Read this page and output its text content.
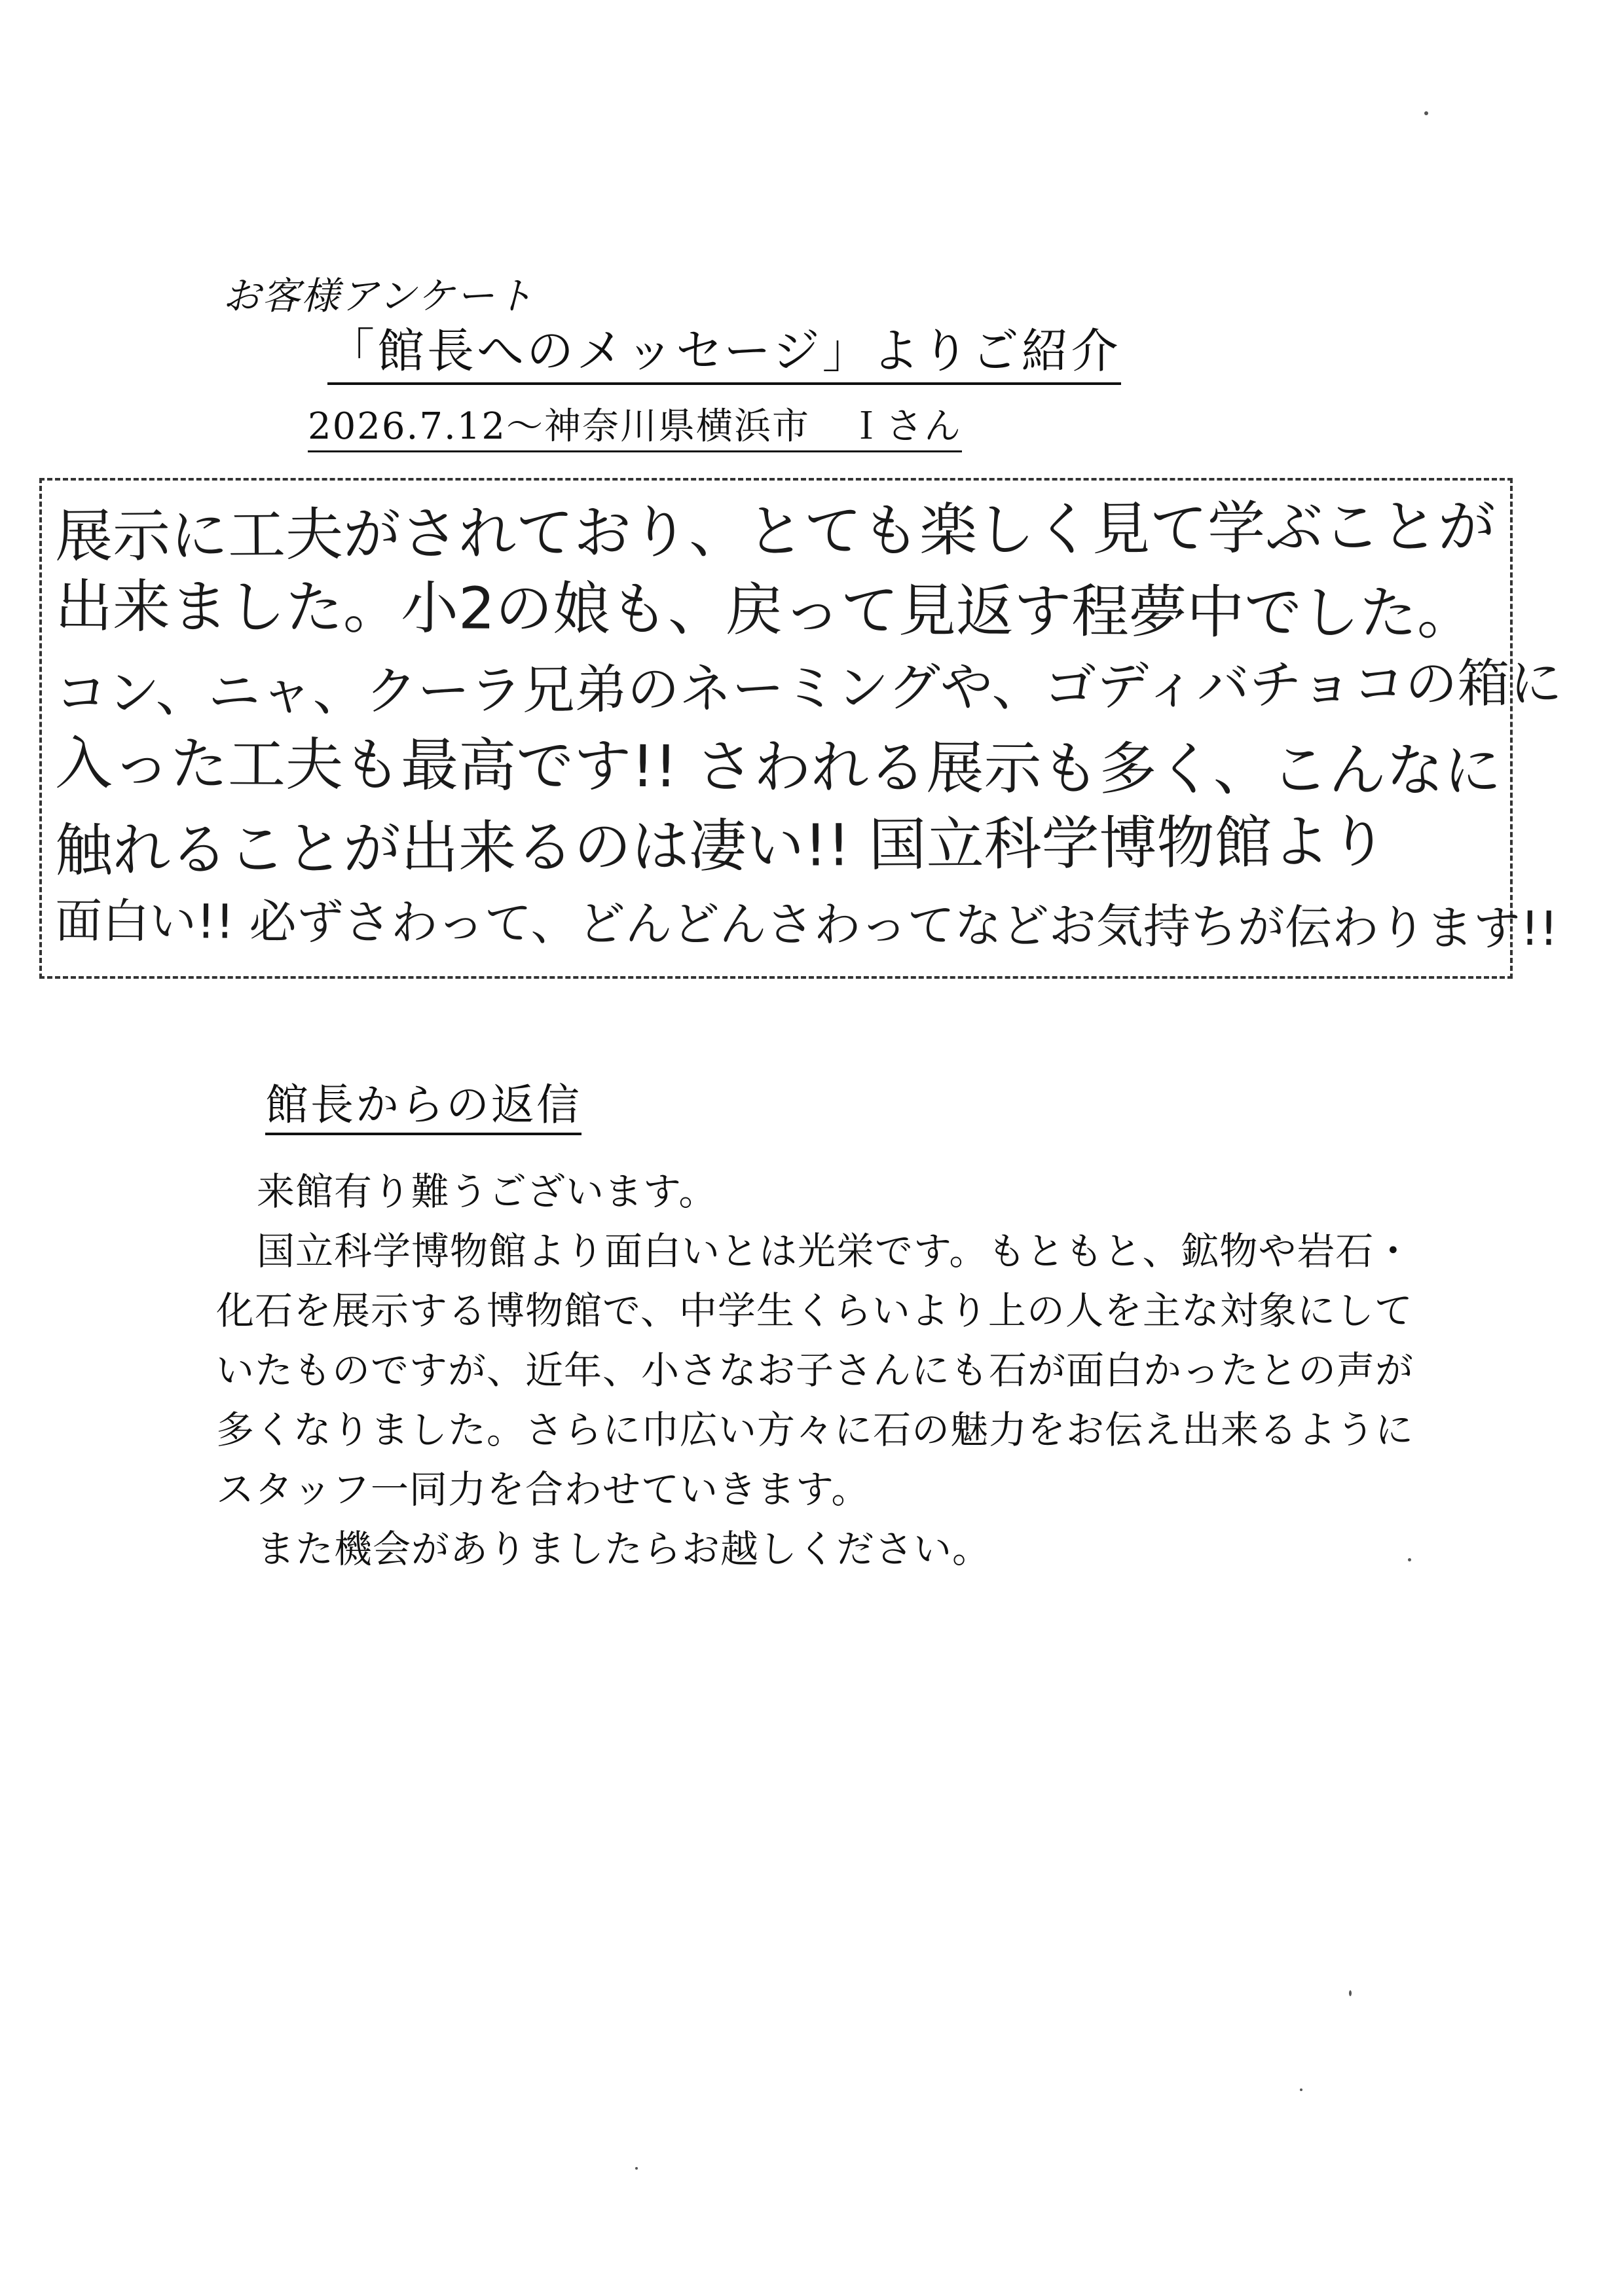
お客様アンケート
「館長へのメッセージ」よりご紹介
2026.7.12～神奈川県横浜市　Ｉさん
展示に工夫がされており、とても楽しく見て学ぶことが
出来ました。小2の娘も、戻って見返す程夢中でした。
コン、ニャ、クーラ兄弟のネーミングや、ゴディバチョコの箱に
入った工夫も最高です!! さわれる展示も多く、こんなに
触れることが出来るのは凄い!! 国立科学博物館より
面白い!! 必ずさわって、どんどんさわってなどお気持ちが伝わります!!
館長からの返信

来館有り難うございます。

国立科学博物館より面白いとは光栄です。もともと、鉱物や岩石・化石を展示する博物館で、中学生くらいより上の人を主な対象にしていたものですが、近年、小さなお子さんにも石が面白かったとの声が多くなりました。さらに巾広い方々に石の魅力をお伝え出来るようにスタッフ一同力を合わせていきます。

また機会がありましたらお越しください。
